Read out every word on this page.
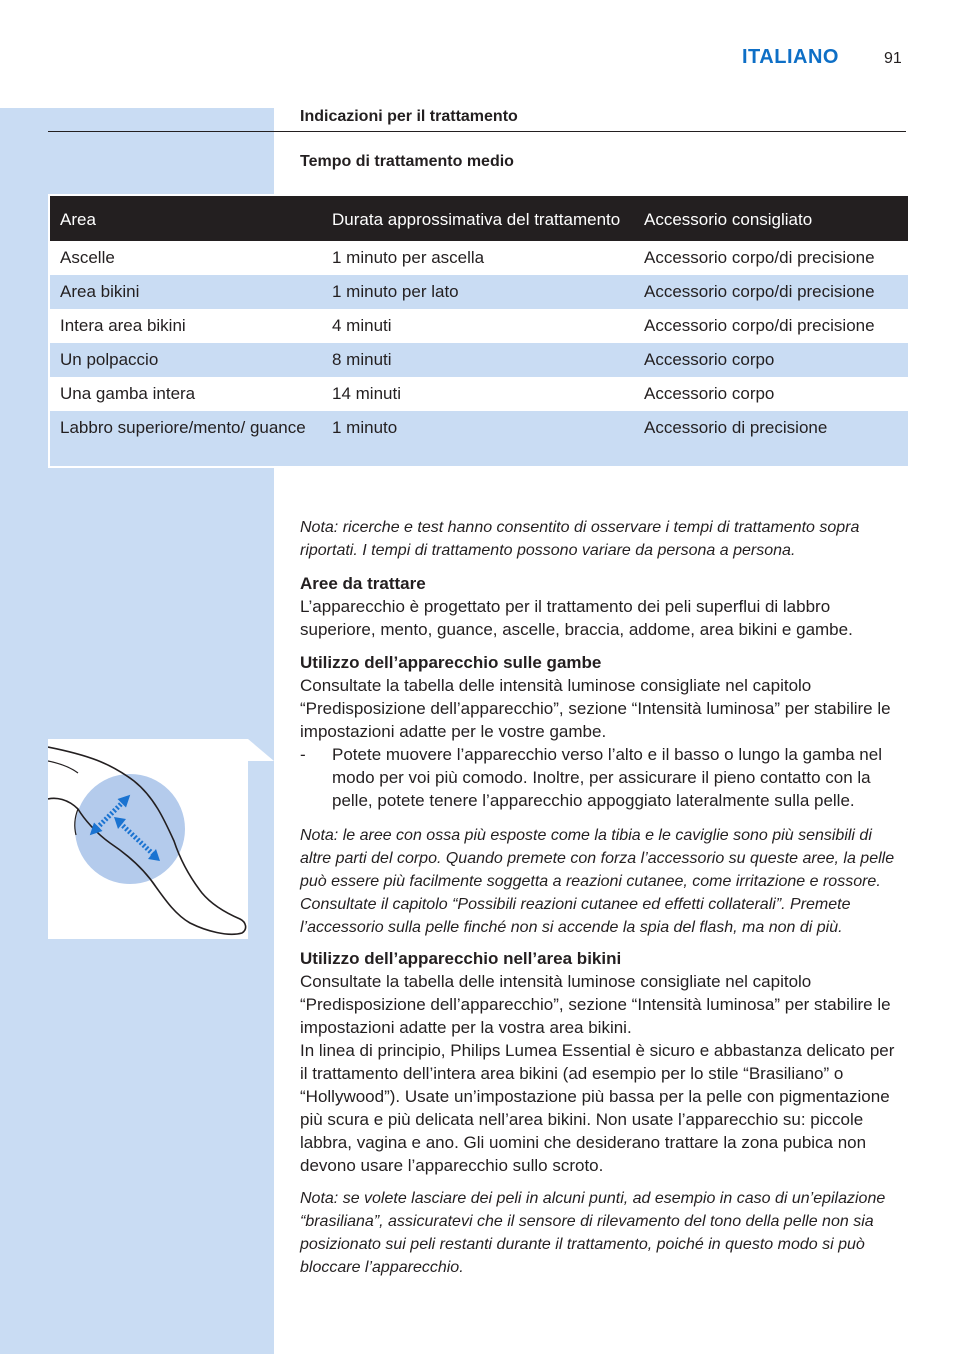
ITALIANO	91
Indicazioni per il trattamento
Tempo di trattamento medio
Area	Durata approssimativa del trattamento	Accessorio consigliato
Ascelle	1 minuto per ascella	Accessorio corpo/di precisione
Area bikini	1 minuto per lato	Accessorio corpo/di precisione
Intera area bikini	4 minuti	Accessorio corpo/di precisione
Un polpaccio	8 minuti	Accessorio corpo
Una gamba intera	14 minuti	Accessorio corpo
Labbro superiore/mento/ guance	1 minuto	Accessorio di precisione

Nota: ricerche e test hanno consentito di osservare i tempi di trattamento sopra riportati. I tempi di trattamento possono variare da persona a persona.

Aree da trattare

L’apparecchio è progettato per il trattamento dei peli superflui di labbro superiore, mento, guance, ascelle, braccia, addome, area bikini e gambe.

Utilizzo dell’apparecchio sulle gambe

Consultate la tabella delle intensità luminose consigliate nel capitolo “Predisposizione dell’apparecchio”, sezione “Intensità luminosa” per stabilire le impostazioni adatte per le vostre gambe.

-	Potete muovere l’apparecchio verso l’alto e il basso o lungo la gamba nel modo per voi più comodo. Inoltre, per assicurare il pieno contatto con la pelle, potete tenere l’apparecchio appoggiato lateralmente sulla pelle.

Nota: le aree con ossa più esposte come la tibia e le caviglie sono più sensibili di altre parti del corpo. Quando premete con forza l’accessorio su queste aree, la pelle può essere più facilmente soggetta a reazioni cutanee, come irritazione e rossore. Consultate il capitolo “Possibili reazioni cutanee ed effetti collaterali”. Premete l’accessorio sulla pelle finché non si accende la spia del flash, ma non di più.

Utilizzo dell’apparecchio nell’area bikini

Consultate la tabella delle intensità luminose consigliate nel capitolo “Predisposizione dell’apparecchio”, sezione “Intensità luminosa” per stabilire le impostazioni adatte per la vostra area bikini.

In linea di principio, Philips Lumea Essential è sicuro e abbastanza delicato per il trattamento dell’intera area bikini (ad esempio per lo stile “Brasiliano” o “Hollywood”). Usate un’impostazione più bassa per la pelle con pigmentazione più scura e più delicata nell’area bikini. Non usate l’apparecchio su: piccole labbra, vagina e ano. Gli uomini che desiderano trattare la zona pubica non devono usare l’apparecchio sullo scroto.

Nota: se volete lasciare dei peli in alcuni punti, ad esempio in caso di un’epilazione “brasiliana”, assicuratevi che il sensore di rilevamento del tono della pelle non sia posizionato sui peli restanti durante il trattamento, poiché in questo modo si può bloccare l’apparecchio.
